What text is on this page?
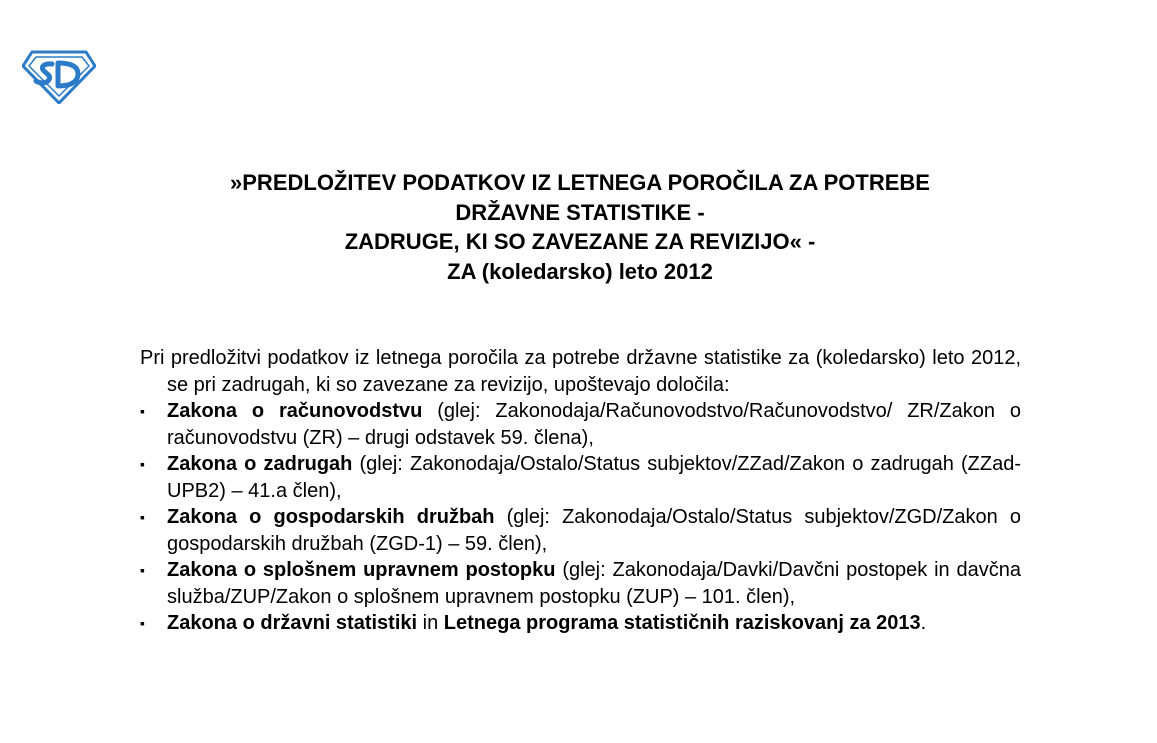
»PREDLOŽITEV PODATKOV IZ LETNEGA POROČILA ZA POTREBE
DRŽAVNE STATISTIKE -
ZADRUGE, KI SO ZAVEZANE ZA REVIZIJO« -
ZA (koledarsko) leto 2012

Pri predložitvi podatkov iz letnega poročila za potrebe državne statistike za (koledarsko) leto 2012, se pri zadrugah, ki so zavezane za revizijo, upoštevajo določila:

▪ Zakona o računovodstvu (glej: Zakonodaja/Računovodstvo/Računovodstvo/ ZR/Zakon o računovodstvu (ZR) – drugi odstavek 59. člena),
▪ Zakona o zadrugah (glej: Zakonodaja/Ostalo/Status subjektov/ZZad/Zakon o zadrugah (ZZad-UPB2) – 41.a člen),
▪ Zakona o gospodarskih družbah (glej: Zakonodaja/Ostalo/Status subjektov/ZGD/Zakon o gospodarskih družbah (ZGD-1) – 59. člen),
▪ Zakona o splošnem upravnem postopku (glej: Zakonodaja/Davki/Davčni postopek in davčna služba/ZUP/Zakon o splošnem upravnem postopku (ZUP) – 101. člen),
▪ Zakona o državni statistiki in Letnega programa statističnih raziskovanj za 2013.
